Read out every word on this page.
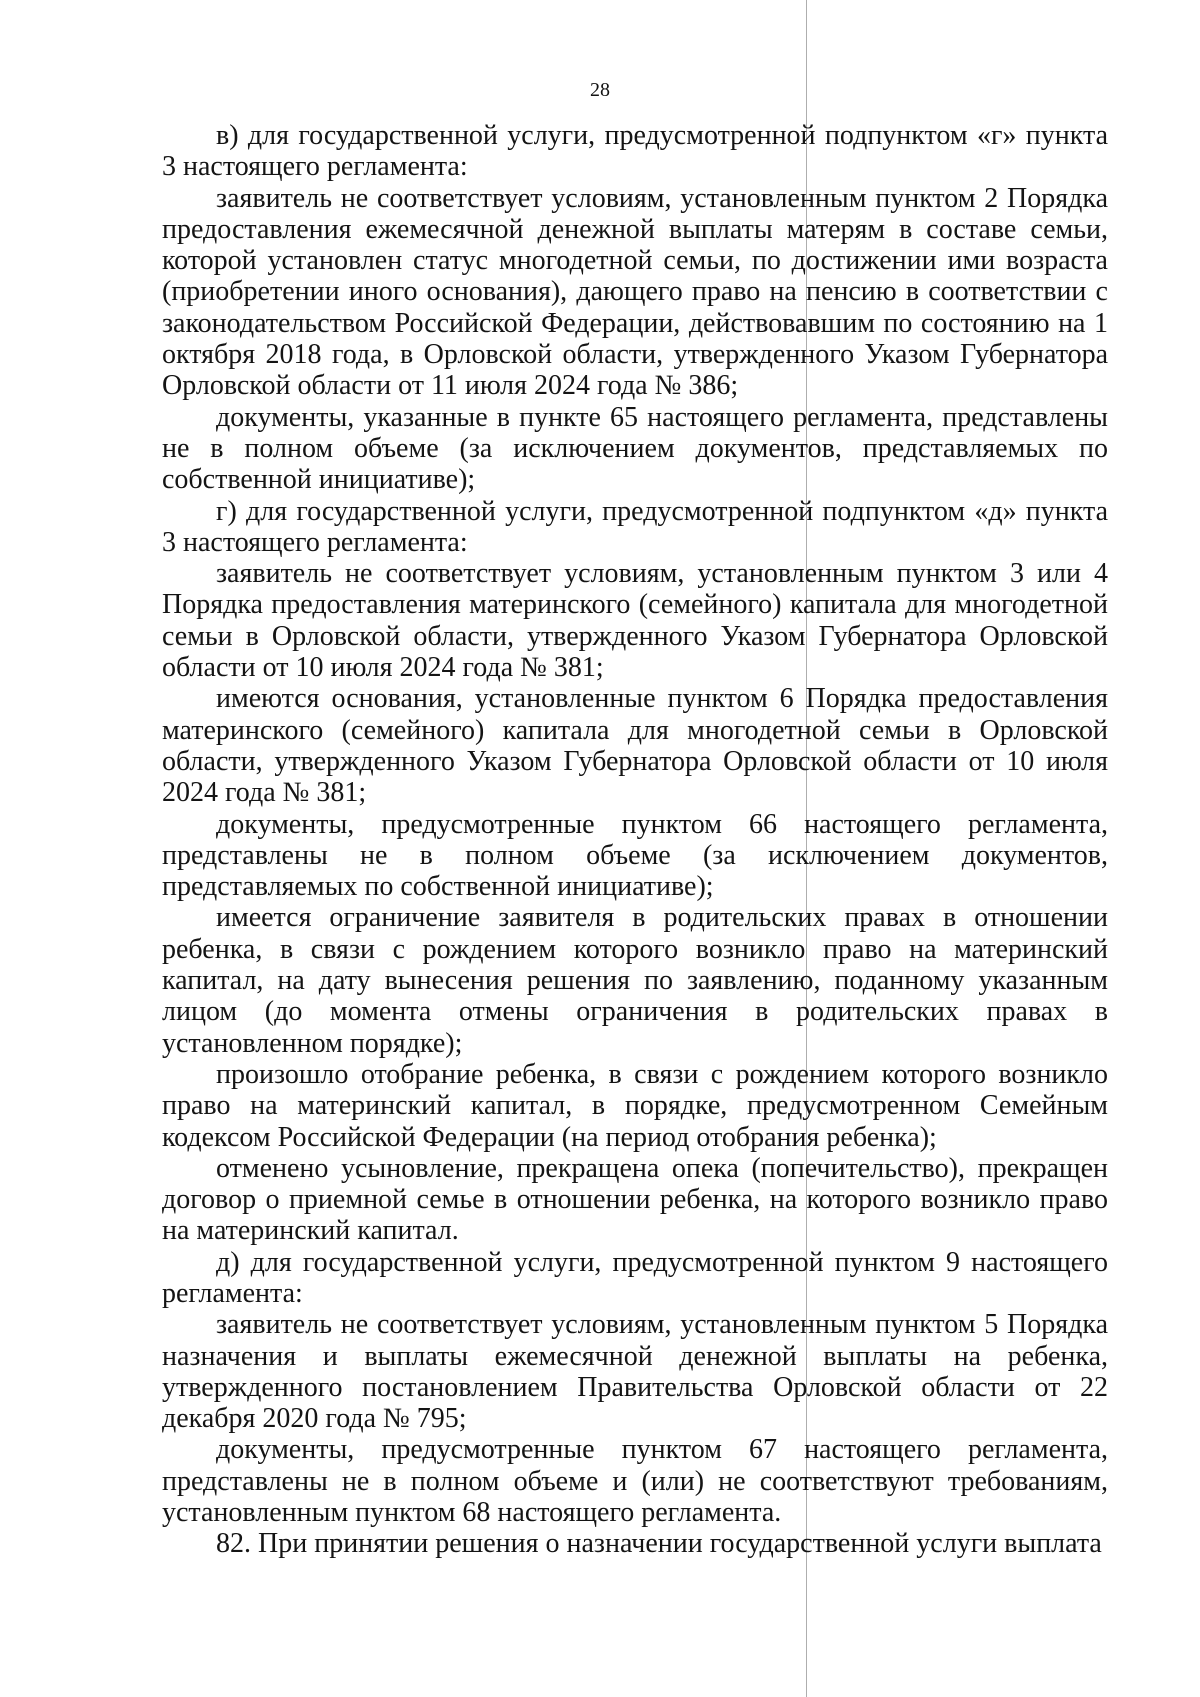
28

в) для государственной услуги, предусмотренной подпунктом «г» пункта 3 настоящего регламента:

заявитель не соответствует условиям, установленным пунктом 2 Порядка предоставления ежемесячной денежной выплаты матерям в составе семьи, которой установлен статус многодетной семьи, по достижении ими возраста (приобретении иного основания), дающего право на пенсию в соответствии с законодательством Российской Федерации, действовавшим по состоянию на 1 октября 2018 года, в Орловской области, утвержденного Указом Губернатора Орловской области от 11 июля 2024 года № 386;

документы, указанные в пункте 65 настоящего регламента, представлены не в полном объеме (за исключением документов, представляемых по собственной инициативе);

г) для государственной услуги, предусмотренной подпунктом «д» пункта 3 настоящего регламента:

заявитель не соответствует условиям, установленным пунктом 3 или 4 Порядка предоставления материнского (семейного) капитала для многодетной семьи в Орловской области, утвержденного Указом Губернатора Орловской области от 10 июля 2024 года № 381;

имеются основания, установленные пунктом 6 Порядка предоставления материнского (семейного) капитала для многодетной семьи в Орловской области, утвержденного Указом Губернатора Орловской области от 10 июля 2024 года № 381;

документы, предусмотренные пунктом 66 настоящего регламента, представлены не в полном объеме (за исключением документов, представляемых по собственной инициативе);

имеется ограничение заявителя в родительских правах в отношении ребенка, в связи с рождением которого возникло право на материнский капитал, на дату вынесения решения по заявлению, поданному указанным лицом (до момента отмены ограничения в родительских правах в установленном порядке);

произошло отобрание ребенка, в связи с рождением которого возникло право на материнский капитал, в порядке, предусмотренном Семейным кодексом Российской Федерации (на период отобрания ребенка);

отменено усыновление, прекращена опека (попечительство), прекращен договор о приемной семье в отношении ребенка, на которого возникло право на материнский капитал.

д) для государственной услуги, предусмотренной пунктом 9 настоящего регламента:

заявитель не соответствует условиям, установленным пунктом 5 Порядка назначения и выплаты ежемесячной денежной выплаты на ребенка, утвержденного постановлением Правительства Орловской области от 22 декабря 2020 года № 795;

документы, предусмотренные пунктом 67 настоящего регламента, представлены не в полном объеме и (или) не соответствуют требованиям, установленным пунктом 68 настоящего регламента.

82. При принятии решения о назначении государственной услуги выплата
